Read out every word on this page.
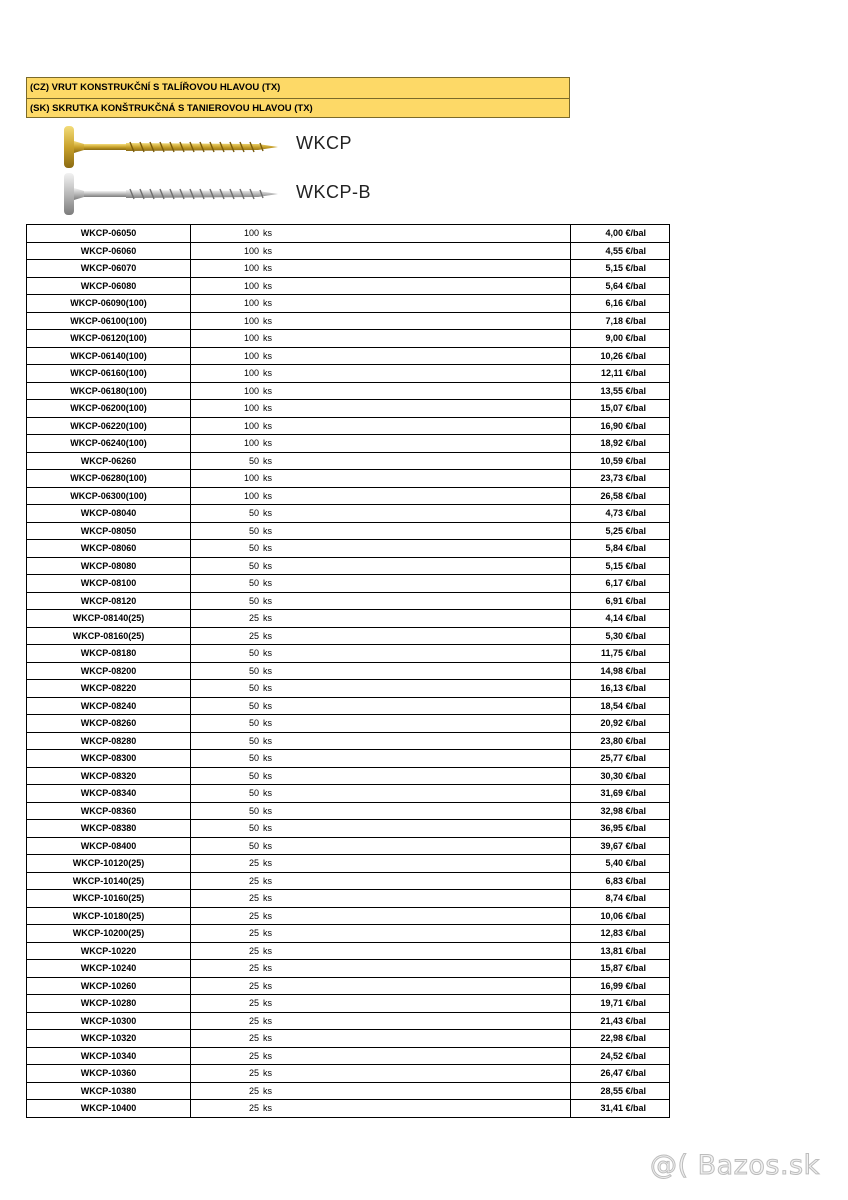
(CZ) VRUT KONSTRUKČNÍ S TALÍŘOVOU HLAVOU (TX)
(SK) SKRUTKA KONŠTRUKČNÁ S TANIEROVOU HLAVOU (TX)
WKCP
WKCP-B
WKCP-06050	100 ks	4,00 €/bal
WKCP-06060	100 ks	4,55 €/bal
WKCP-06070	100 ks	5,15 €/bal
WKCP-06080	100 ks	5,64 €/bal
WKCP-06090(100)	100 ks	6,16 €/bal
WKCP-06100(100)	100 ks	7,18 €/bal
WKCP-06120(100)	100 ks	9,00 €/bal
WKCP-06140(100)	100 ks	10,26 €/bal
WKCP-06160(100)	100 ks	12,11 €/bal
WKCP-06180(100)	100 ks	13,55 €/bal
WKCP-06200(100)	100 ks	15,07 €/bal
WKCP-06220(100)	100 ks	16,90 €/bal
WKCP-06240(100)	100 ks	18,92 €/bal
WKCP-06260	50 ks	10,59 €/bal
WKCP-06280(100)	100 ks	23,73 €/bal
WKCP-06300(100)	100 ks	26,58 €/bal
WKCP-08040	50 ks	4,73 €/bal
WKCP-08050	50 ks	5,25 €/bal
WKCP-08060	50 ks	5,84 €/bal
WKCP-08080	50 ks	5,15 €/bal
WKCP-08100	50 ks	6,17 €/bal
WKCP-08120	50 ks	6,91 €/bal
WKCP-08140(25)	25 ks	4,14 €/bal
WKCP-08160(25)	25 ks	5,30 €/bal
WKCP-08180	50 ks	11,75 €/bal
WKCP-08200	50 ks	14,98 €/bal
WKCP-08220	50 ks	16,13 €/bal
WKCP-08240	50 ks	18,54 €/bal
WKCP-08260	50 ks	20,92 €/bal
WKCP-08280	50 ks	23,80 €/bal
WKCP-08300	50 ks	25,77 €/bal
WKCP-08320	50 ks	30,30 €/bal
WKCP-08340	50 ks	31,69 €/bal
WKCP-08360	50 ks	32,98 €/bal
WKCP-08380	50 ks	36,95 €/bal
WKCP-08400	50 ks	39,67 €/bal
WKCP-10120(25)	25 ks	5,40 €/bal
WKCP-10140(25)	25 ks	6,83 €/bal
WKCP-10160(25)	25 ks	8,74 €/bal
WKCP-10180(25)	25 ks	10,06 €/bal
WKCP-10200(25)	25 ks	12,83 €/bal
WKCP-10220	25 ks	13,81 €/bal
WKCP-10240	25 ks	15,87 €/bal
WKCP-10260	25 ks	16,99 €/bal
WKCP-10280	25 ks	19,71 €/bal
WKCP-10300	25 ks	21,43 €/bal
WKCP-10320	25 ks	22,98 €/bal
WKCP-10340	25 ks	24,52 €/bal
WKCP-10360	25 ks	26,47 €/bal
WKCP-10380	25 ks	28,55 €/bal
WKCP-10400	25 ks	31,41 €/bal
@( Bazos.sk
